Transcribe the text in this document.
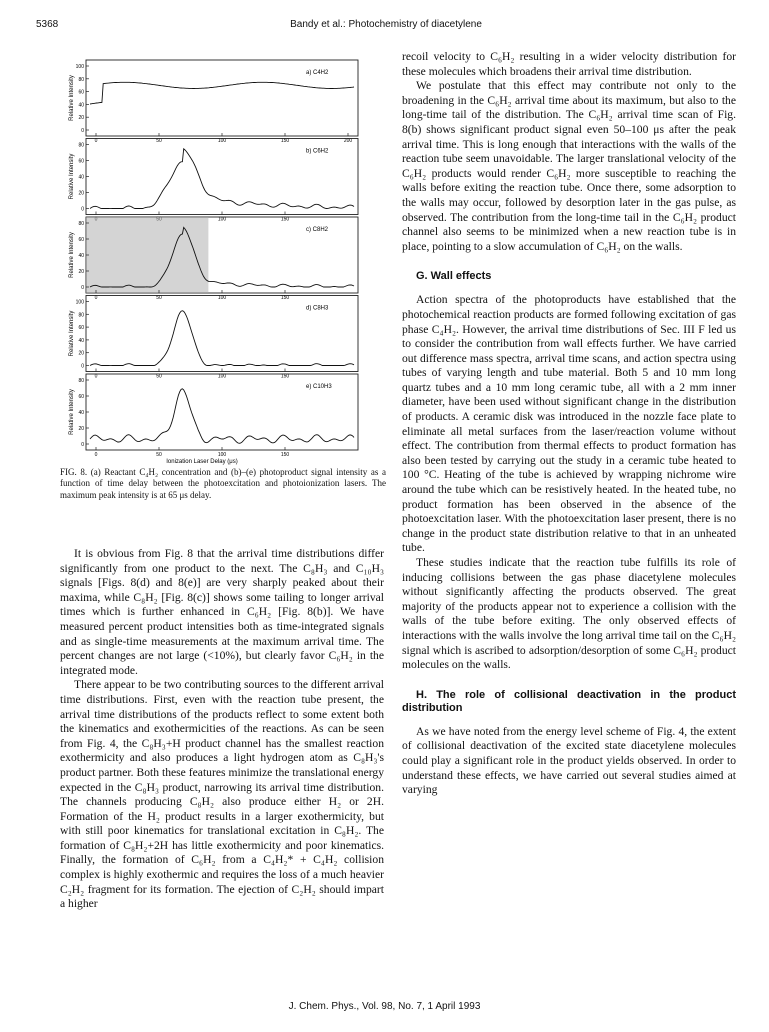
5368	Bandy et al.: Photochemistry of diacetylene
Relative Intensity
100
80
60
40
20
0
0	50	100	150	200
a) C4H2
Relative Intensity
80
60
40
20
0
100	150
b) C6H2
Relative Intensity
80
60
40
20
0
0	50	100	150
c) C8H2
Relative Intensity
100
80
60
40
20
0
0	50	100	150
d) C8H3
Relative Intensity
80
60
40
20
0
0	50	100	150
e) C10H3
Ionization Laser Delay (μs)
FIG. 8. (a) Reactant C₄H₂ concentration and (b)–(e) photoproduct signal intensity as a function of time delay between the photoexcitation and photoionization lasers. The maximum peak intensity is at 65 μs delay.

It is obvious from Fig. 8 that the arrival time distributions differ significantly from one product to the next. The C₈H₃ and C₁₀H₃ signals [Figs. 8(d) and 8(e)] are very sharply peaked about their maxima, while C₈H₂ [Fig. 8(c)] shows some tailing to longer arrival times which is further enhanced in C₆H₂ [Fig. 8(b)]. We have measured percent product intensities both as time-integrated signals and as single-time measurements at the maximum arrival time. The percent changes are not large (<10%), but clearly favor C₆H₂ in the integrated mode.

There appear to be two contributing sources to the different arrival time distributions. First, even with the reaction tube present, the arrival time distributions of the products reflect to some extent both the kinematics and exothermicities of the reactions. As can be seen from Fig. 4, the C₈H₃+H product channel has the smallest reaction exothermicity and also produces a light hydrogen atom as C₈H₃'s product partner. Both these features minimize the translational energy expected in the C₈H₃ product, narrowing its arrival time distribution. The channels producing C₈H₂ also produce either H₂ or 2H. Formation of the H₂ product results in a larger exothermicity, but with still poor kinematics for translational excitation in C₈H₂. The formation of C₈H₂+2H has little exothermicity and poor kinematics. Finally, the formation of C₆H₂ from a C₄H₂* + C₄H₂ collision complex is highly exothermic and requires the loss of a much heavier C₂H₂ fragment for its formation. The ejection of C₂H₂ should impart a higher

recoil velocity to C₆H₂ resulting in a wider velocity distribution for these molecules which broadens their arrival time distribution.

We postulate that this effect may contribute not only to the broadening in the C₆H₂ arrival time about its maximum, but also to the long-time tail of the distribution. The C₆H₂ arrival time scan of Fig. 8(b) shows significant product signal even 50–100 μs after the peak arrival time. This is long enough that interactions with the walls of the reaction tube seem unavoidable. The larger translational velocity of the C₆H₂ products would render C₆H₂ more susceptible to reaching the walls before exiting the reaction tube. Once there, some adsorption to the walls may occur, followed by desorption later in the gas pulse, as observed. The contribution from the long-time tail in the C₆H₂ product channel also seems to be minimized when a new reaction tube is in place, pointing to a slow accumulation of C₆H₂ on the walls.

G. Wall effects

Action spectra of the photoproducts have established that the photochemical reaction products are formed following excitation of gas phase C₄H₂. However, the arrival time distributions of Sec. III F led us to consider the contribution from wall effects further. We have carried out difference mass spectra, arrival time scans, and action spectra using tubes of varying length and tube material. Both 5 and 10 mm long quartz tubes and a 10 mm long ceramic tube, all with a 2 mm inner diameter, have been used without significant change in the distribution of products. A ceramic disk was introduced in the nozzle face plate to eliminate all metal surfaces from the laser/reaction volume without effect. The contribution from thermal effects to product formation has also been tested by carrying out the study in a ceramic tube heated to 100 °C. Heating of the tube is achieved by wrapping nichrome wire around the tube which can be resistively heated. In the heated tube, no product formation has been observed in the absence of the photoexcitation laser. With the photoexcitation laser present, there is no change in the product state distribution relative to that in an unheated tube.

These studies indicate that the reaction tube fulfills its role of inducing collisions between the gas phase diacetylene molecules without significantly affecting the products observed. The great majority of the products appear not to experience a collision with the walls of the tube before exiting. The only observed effects of interactions with the walls involve the long arrival time tail on the C₆H₂ signal which is ascribed to adsorption/desorption of some C₆H₂ product molecules on the walls.

H. The role of collisional deactivation in the product distribution

As we have noted from the energy level scheme of Fig. 4, the extent of collisional deactivation of the excited state diacetylene molecules could play a significant role in the product yields observed. In order to understand these effects, we have carried out several studies aimed at varying

J. Chem. Phys., Vol. 98, No. 7, 1 April 1993
